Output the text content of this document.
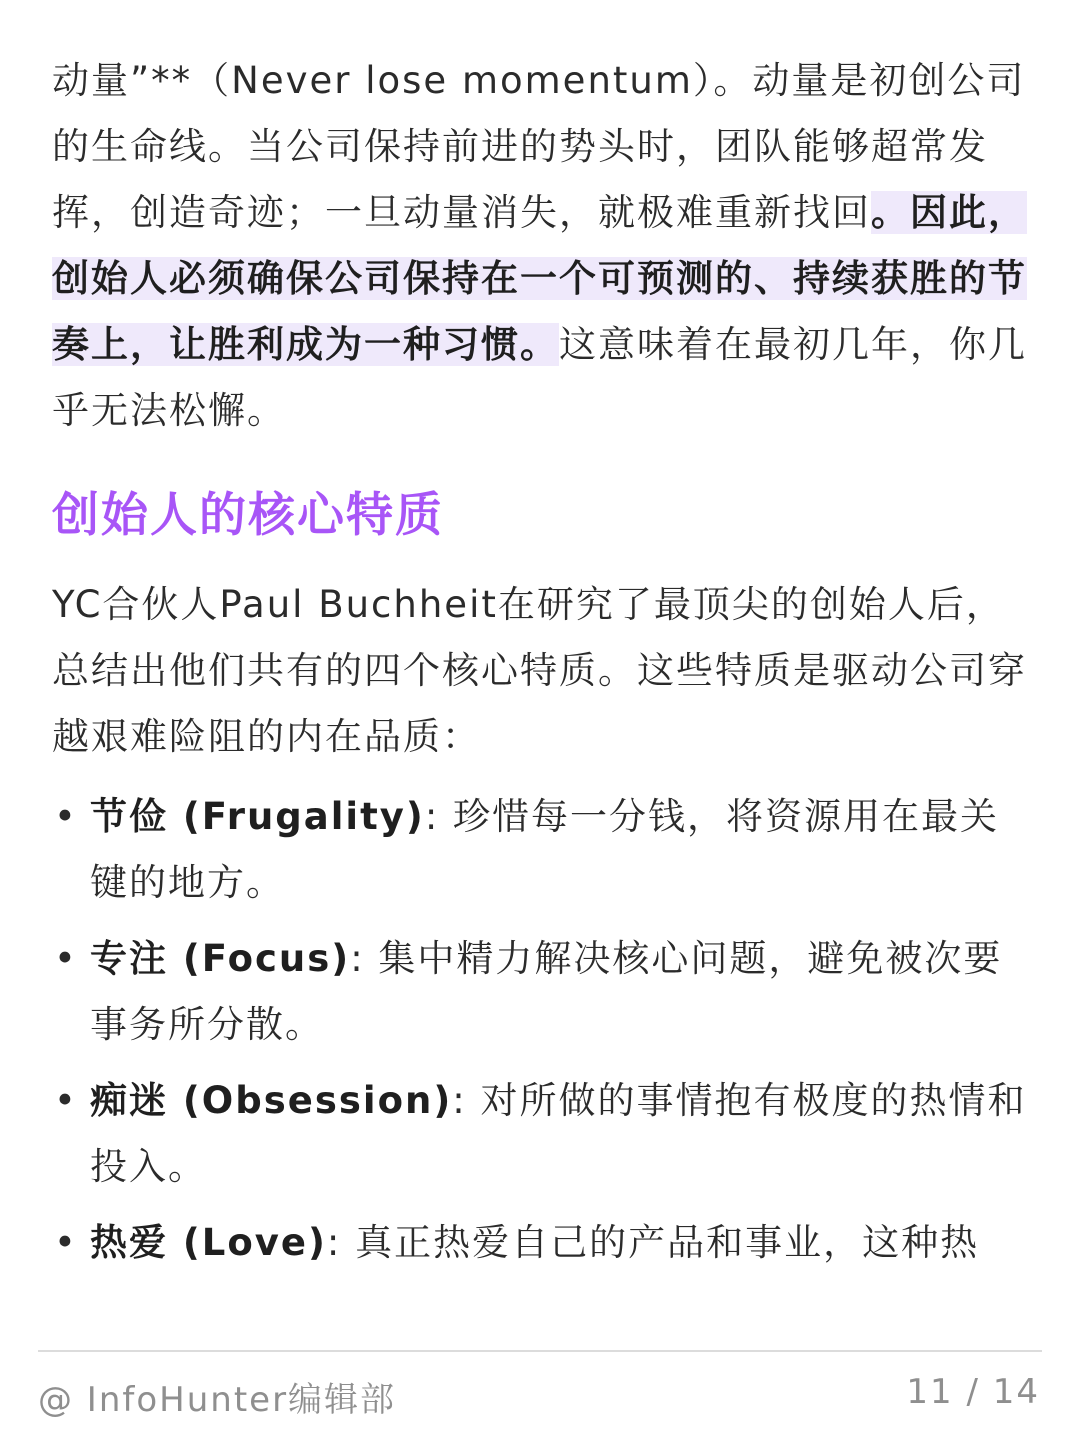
动量”**（Never lose momentum）。动量是初创公司的生命线。当公司保持前进的势头时，团队能够超常发挥，创造奇迹；一旦动量消失，就极难重新找回。因此，创始人必须确保公司保持在一个可预测的、持续获胜的节奏上，让胜利成为一种习惯。这意味着在最初几年，你几乎无法松懈。

创始人的核心特质

YC合伙人Paul Buchheit在研究了最顶尖的创始人后，总结出他们共有的四个核心特质。这些特质是驱动公司穿越艰难险阻的内在品质：

• 节俭 (Frugality): 珍惜每一分钱，将资源用在最关键的地方。
• 专注 (Focus): 集中精力解决核心问题，避免被次要事务所分散。
• 痴迷 (Obsession): 对所做的事情抱有极度的热情和投入。
• 热爱 (Love): 真正热爱自己的产品和事业，这种热
@ InfoHunter编辑部	11 / 14
